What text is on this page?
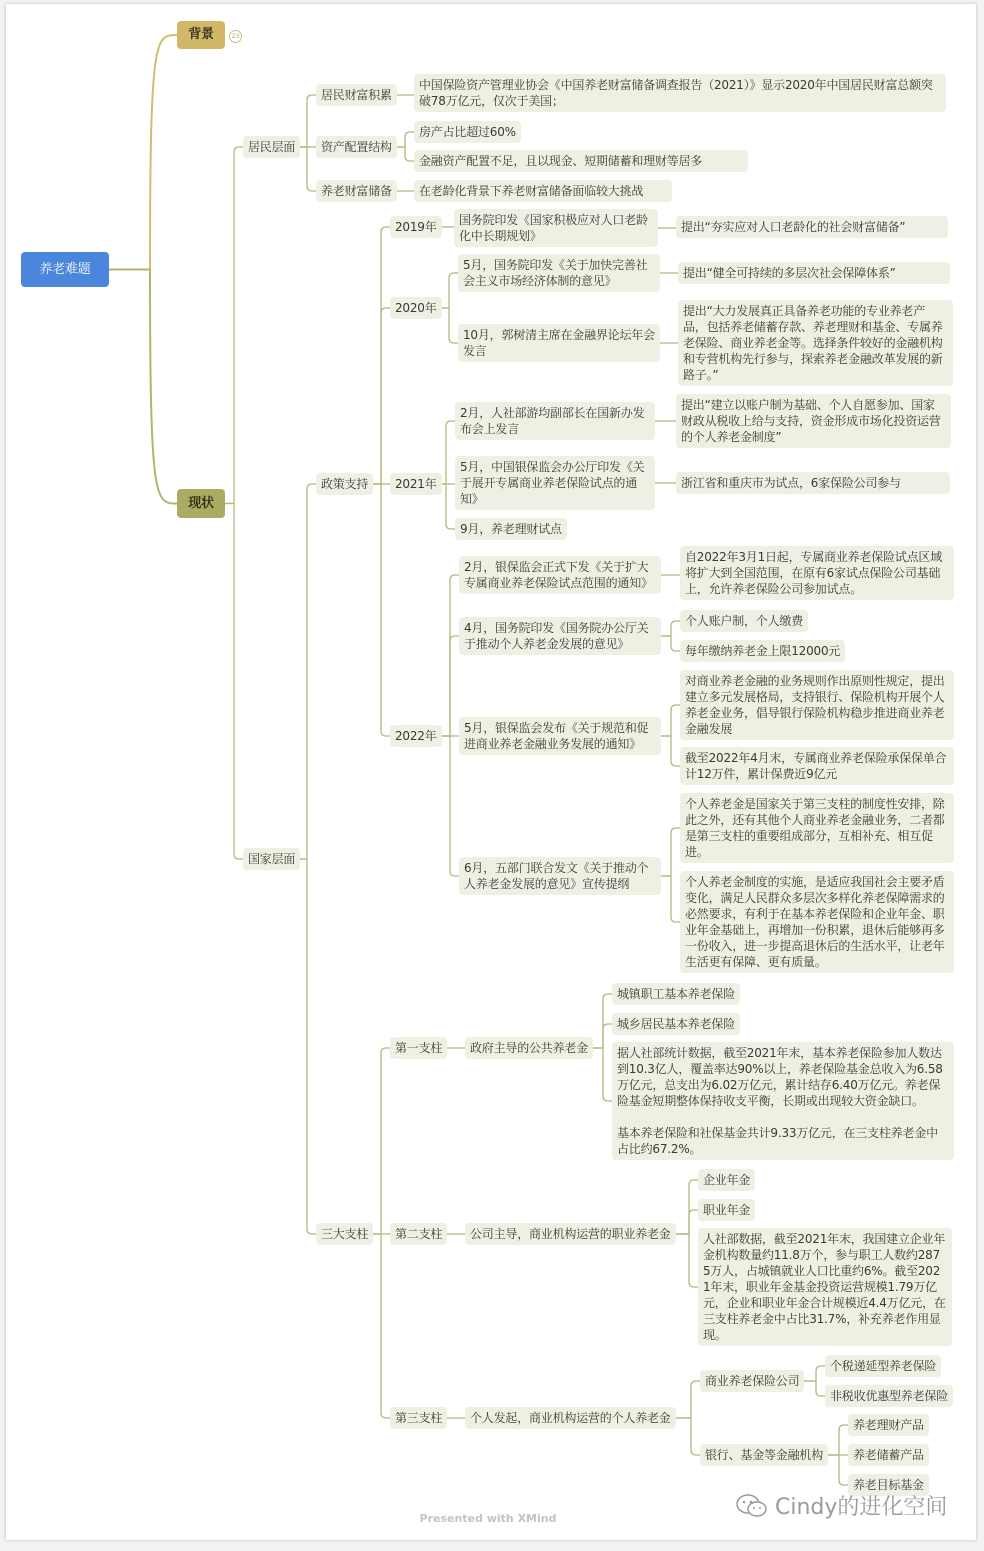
养老难题
背景	23
现状
居民层面
居民财富积累
中国保险资产管理业协会《中国养老财富储备调查报告（2021）》显示2020年中国居民财富总额突破78万亿元，仅次于美国；
资产配置结构
房产占比超过60%
金融资产配置不足，且以现金、短期储蓄和理财等居多
养老财富储备	在老龄化背景下养老财富储备面临较大挑战
国家层面
政策支持
2019年	国务院印发《国家积极应对人口老龄化中长期规划》
提出“夯实应对人口老龄化的社会财富储备”
2020年
5月，国务院印发《关于加快完善社会主义市场经济体制的意见》
提出“健全可持续的多层次社会保障体系”
10月，郭树清主席在金融界论坛年会发言
提出“大力发展真正具备养老功能的专业养老产品，包括养老储蓄存款、养老理财和基金、专属养老保险、商业养老金等。选择条件较好的金融机构和专营机构先行参与，探索养老金融改革发展的新路子。”
2021年
2月，人社部游均副部长在国新办发布会上发言
提出“建立以账户制为基础、个人自愿参加、国家财政从税收上给与支持，资金形成市场化投资运营的个人养老金制度”
5月，中国银保监会办公厅印发《关于展开专属商业养老保险试点的通知》
浙江省和重庆市为试点，6家保险公司参与
9月，养老理财试点
2022年
2月，银保监会正式下发《关于扩大专属商业养老保险试点范围的通知》
自2022年3月1日起，专属商业养老保险试点区域将扩大到全国范围，在原有6家试点保险公司基础上，允许养老保险公司参加试点。
4月，国务院印发《国务院办公厅关于推动个人养老金发展的意见》
个人账户制，个人缴费
每年缴纳养老金上限12000元
5月，银保监会发布《关于规范和促进商业养老金融业务发展的通知》
对商业养老金融的业务规则作出原则性规定，提出建立多元发展格局，支持银行、保险机构开展个人养老金业务，倡导银行保险机构稳步推进商业养老金融发展
截至2022年4月末，专属商业养老保险承保保单合计12万件，累计保费近9亿元
6月，五部门联合发文《关于推动个人养老金发展的意见》宣传提纲
个人养老金是国家关于第三支柱的制度性安排，除此之外，还有其他个人商业养老金融业务，二者都是第三支柱的重要组成部分，互相补充、相互促进。
个人养老金制度的实施，是适应我国社会主要矛盾变化，满足人民群众多层次多样化养老保障需求的必然要求，有利于在基本养老保险和企业年金、职业年金基础上，再增加一份积累，退休后能够再多一份收入，进一步提高退休后的生活水平，让老年生活更有保障、更有质量。
三大支柱
第一支柱	政府主导的公共养老金
城镇职工基本养老保险
城乡居民基本养老保险
据人社部统计数据，截至2021年末，基本养老保险参加人数达到10.3亿人，覆盖率达90%以上，养老保险基金总收入为6.58万亿元，总支出为6.02万亿元，累计结存6.40万亿元。养老保险基金短期整体保持收支平衡，长期或出现较大资金缺口。

基本养老保险和社保基金共计9.33万亿元，在三支柱养老金中占比约67.2%。
第二支柱	公司主导，商业机构运营的职业养老金
企业年金
职业年金
人社部数据，截至2021年末，我国建立企业年金机构数量约11.8万个，参与职工人数约2875万人，占城镇就业人口比重约6%。截至2021年末，职业年金基金投资运营规模1.79万亿元，企业和职业年金合计规模近4.4万亿元，在三支柱养老金中占比31.7%，补充养老作用显现。
第三支柱	个人发起，商业机构运营的个人养老金
商业养老保险公司
个税递延型养老保险
非税收优惠型养老保险
银行、基金等金融机构
养老理财产品
养老储蓄产品
养老目标基金
Presented with XMind	Cindy的进化空间
